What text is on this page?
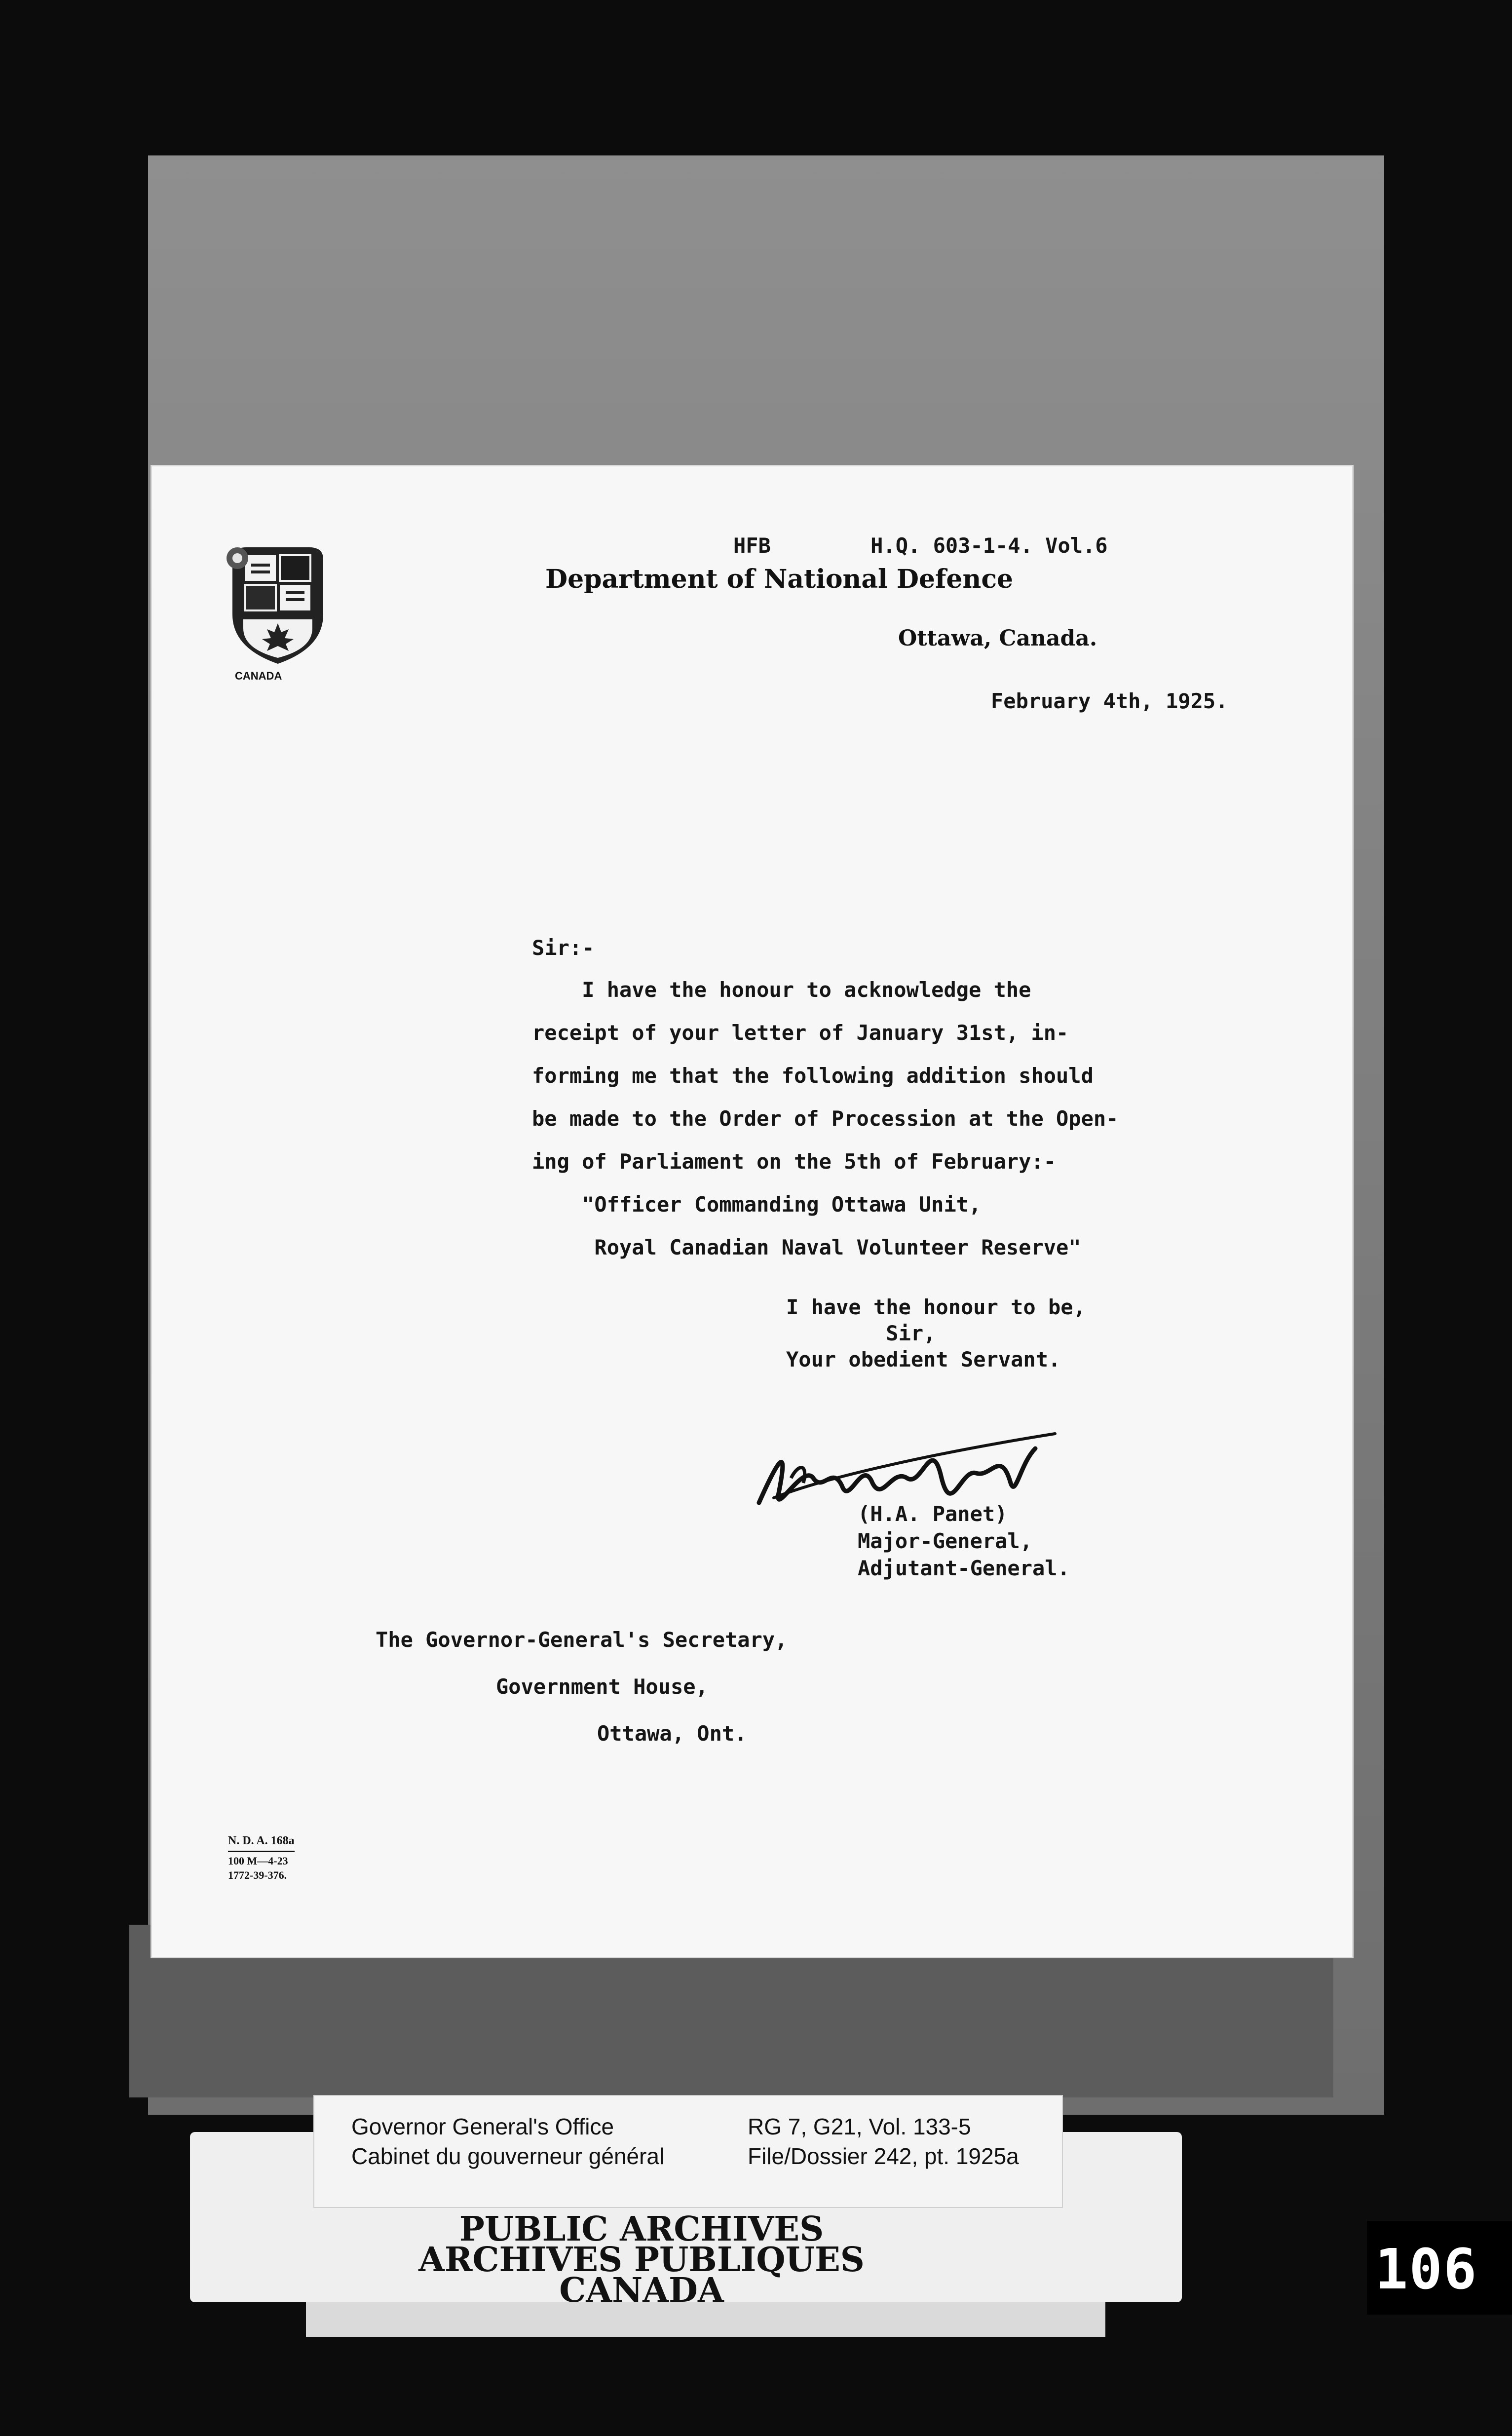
CANADA

HFB        H.Q. 603-1-4. Vol.6

Department of National Defence

Ottawa, Canada.

February 4th, 1925.

Sir:-

I have the honour to acknowledge the

receipt of your letter of January 31st, in-

forming me that the following addition should

be made to the Order of Procession at the Open-

ing of Parliament on the 5th of February:-

"Officer Commanding Ottawa Unit,

Royal Canadian Naval Volunteer Reserve"

I have the honour to be,

Sir,

Your obedient Servant.

(H.A. Panet)

Major-General,

Adjutant-General.

The Governor-General's Secretary,

Government House,

Ottawa, Ont.

N. D. A. 168a
100 M—4-23
1772-39-376.

Governor General's Office

Cabinet du gouverneur général

RG 7, G21, Vol. 133-5

File/Dossier 242, pt. 1925a

PUBLIC ARCHIVES

ARCHIVES PUBLIQUES

CANADA	106
